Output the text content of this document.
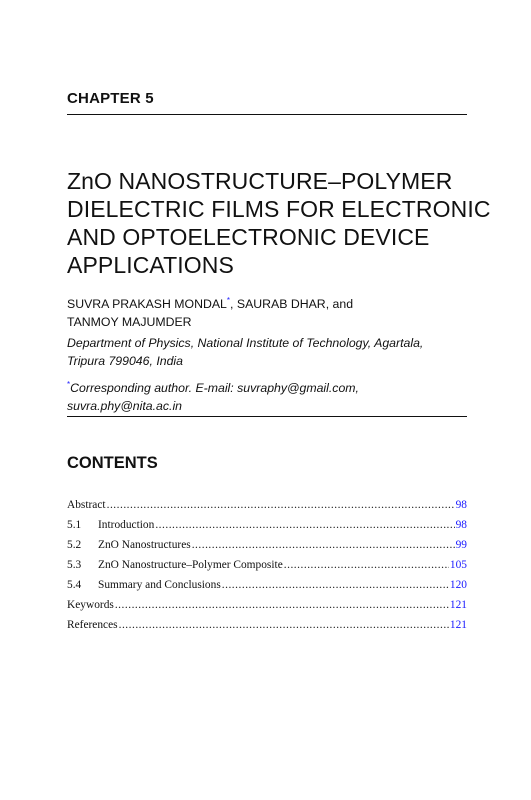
CHAPTER 5
ZnO NANOSTRUCTURE–POLYMER
DIELECTRIC FILMS FOR ELECTRONIC
AND OPTOELECTRONIC DEVICE
APPLICATIONS
SUVRA PRAKASH MONDAL*, SAURAB DHAR, and
TANMOY MAJUMDER
Department of Physics, National Institute of Technology, Agartala,
Tripura 799046, India
*Corresponding author. E-mail: suvraphy@gmail.com,
suvra.phy@nita.ac.in
CONTENTS
Abstract .....	98
5.1	Introduction .....	98
5.2	ZnO Nanostructures .....	99
5.3	ZnO Nanostructure–Polymer Composite .....	105
5.4	Summary and Conclusions .....	120
Keywords .....	121
References .....	121
